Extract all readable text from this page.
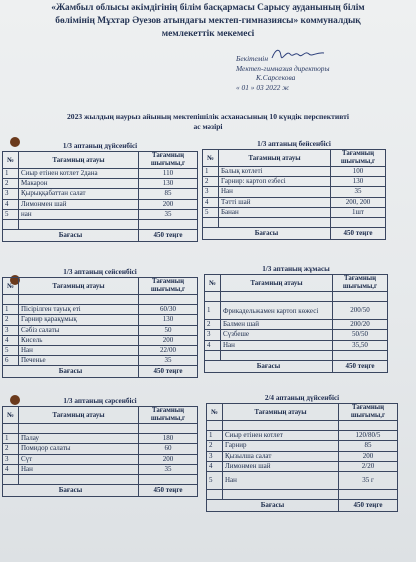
«Жамбыл облысы әкімдігінің білім басқармасы Сарысу ауданының білім
бөлімінің Мұхтар Әуезов атындағы мектеп-гимназиясы» коммуналдық
мемлекеттік мекемесі
Бекітемін
Мектеп-гимназия директоры
К.Сарсекова
« 01 » 03 2022 ж
2023 жылдың наурыз айының мектепішілік асханасының 10 күндік перспективті
ас мәзірі
1/3 аптаның дүйсенбісі
№	Тағамның атауы	Тағамның шығымы,г
1	Сиыр етінен котлет 2дана	110
2	Макарон	130
3	Қырыққабаттан салат	85
4	Лимонмен шай	200
5	нан	35

Бағасы		450 теңге
1/3 аптаның бейсенбісі
№	Тағамның атауы	Тағамның шығымы,г
1	Балық котлеті	100
2	Гарнир: картоп езбесі	130
3	Нан	35
4	Тәтті шай	200, 200
5	Банан	1шт

Бағасы		450 теңге
1/3 аптаның сейсенбісі
№	Тағамның атауы	Тағамның шығымы,г

1	Пісірілген тауық еті	60/30
2	Гарнир қарақұмық	130
3	Сәбіз салаты	50
4	Кисель	200
5	Нан	22/00
6	Печенье	35
Бағасы		450 теңге
1/3 аптаның жұмасы
№	Тағамның атауы	Тағамның шығымы,г

1	Фрикадельжамен картоп көжесі	200/50
2	Балмен шай	200/20
3	Сүзбеше	50/50
4	Нан	35,50

Бағасы		450 теңге
1/3 аптаның сәрсенбісі
№	Тағамның атауы	Тағамның шығымы,г

1	Палау	180
2	Помидор салаты	60
3	Сүт	200
4	Нан	35

Бағасы		450 теңге
2/4 аптаның дүйсенбісі
№	Тағамның атауы	Тағамның шығымы,г

1	Сиыр етінен котлет	120/80/5
2	Гарнир	85
3	Қызылша салат	200
4	Лимонмен шай	2/20
5	Нан	35 г

Бағасы		450 теңге
